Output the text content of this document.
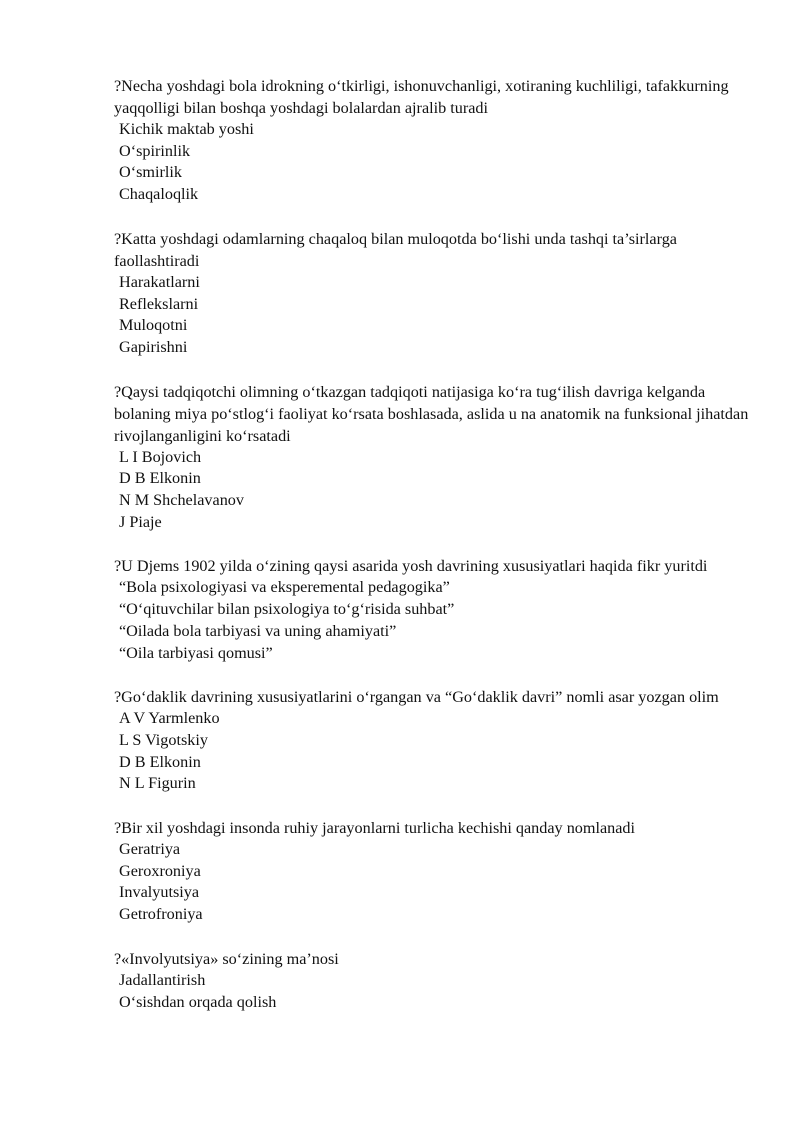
?Necha yoshdagi bola idrokning o‘tkirligi, ishonuvchanligi, xotiraning kuchliligi, tafakkurning yaqqolligi bilan boshqa yoshdagi bolalardan ajralib turadi

Kichik maktab yoshi
O‘spirinlik
O‘smirlik
Chaqaloqlik

?Katta yoshdagi odamlarning chaqaloq bilan muloqotda bo‘lishi unda tashqi ta’sirlarga          faollashtiradi

Harakatlarni
Reflekslarni
Muloqotni
Gapirishni

?Qaysi tadqiqotchi olimning o‘tkazgan tadqiqoti natijasiga ko‘ra tug‘ilish davriga kelganda bolaning miya po‘stlog‘i faoliyat ko‘rsata boshlasada, aslida u na anatomik na funksional jihatdan rivojlanganligini ko‘rsatadi

L I Bojovich
D B Elkonin
N M Shchelavanov
J Piaje

?U Djems 1902 yilda o‘zining qaysi asarida yosh davrining xususiyatlari haqida fikr yuritdi

“Bola psixologiyasi va eksperemental pedagogika”
“O‘qituvchilar bilan psixologiya to‘g‘risida suhbat”
“Oilada bola tarbiyasi va uning ahamiyati”
“Oila tarbiyasi qomusi”

?Go‘daklik davrining xususiyatlarini o‘rgangan va “Go‘daklik davri” nomli asar yozgan olim

A V Yarmlenko
L S Vigotskiy
D B Elkonin
N L Figurin

?Bir xil yoshdagi insonda ruhiy jarayonlarni turlicha kechishi qanday nomlanadi

Geratriya
Geroxroniya
Invalyutsiya
Getrofroniya

?«Involyutsiya» so‘zining ma’nosi

Jadallantirish
O‘sishdan orqada qolish
